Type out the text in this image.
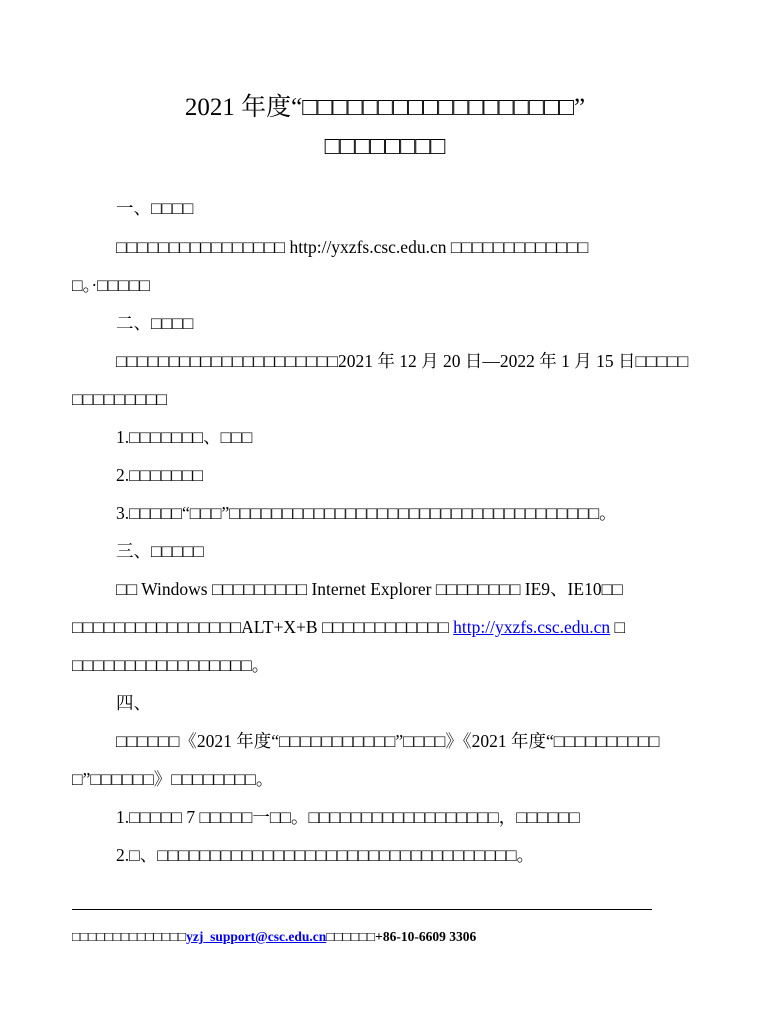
2021 年度“□□□□□□□□□□□□□□□□□□”
□□□□□□□□
一、□□□□
□□□□□□□□□□□□□□□□ http://yxzfs.csc.edu.cn □□□□□□□□□□□□□
□。·□□□□□
二、□□□□
□□□□□□□□□□□□□□□□□□□□□2021 年 12 月 20 日—2022 年 1 月 15 日□□□□□
□□□□□□□□□
1.□□□□□□□、□□□
2.□□□□□□□
3.□□□□□“□□□”□□□□□□□□□□□□□□□□□□□□□□□□□□□□□□□□□□□。
三、□□□□□
□□ Windows □□□□□□□□□ Internet Explorer □□□□□□□□ IE9、IE10□□
□□□□□□□□□□□□□□□□ALT+X+B □□□□□□□□□□□□ http://yxzfs.csc.edu.cn □
□□□□□□□□□□□□□□□□□。
四、
□□□□□□《2021 年度“□□□□□□□□□□□”□□□□》《2021 年度“□□□□□□□□□□
□”□□□□□□》□□□□□□□□。
1.□□□□□ 7 □□□□□一□□。□□□□□□□□□□□□□□□□□□，□□□□□□
2.□、□□□□□□□□□□□□□□□□□□□□□□□□□□□□□□□□□□。
□□□□□□□□□□□□□□yzj_support@csc.edu.cn□□□□□□+86-10-6609 3306
